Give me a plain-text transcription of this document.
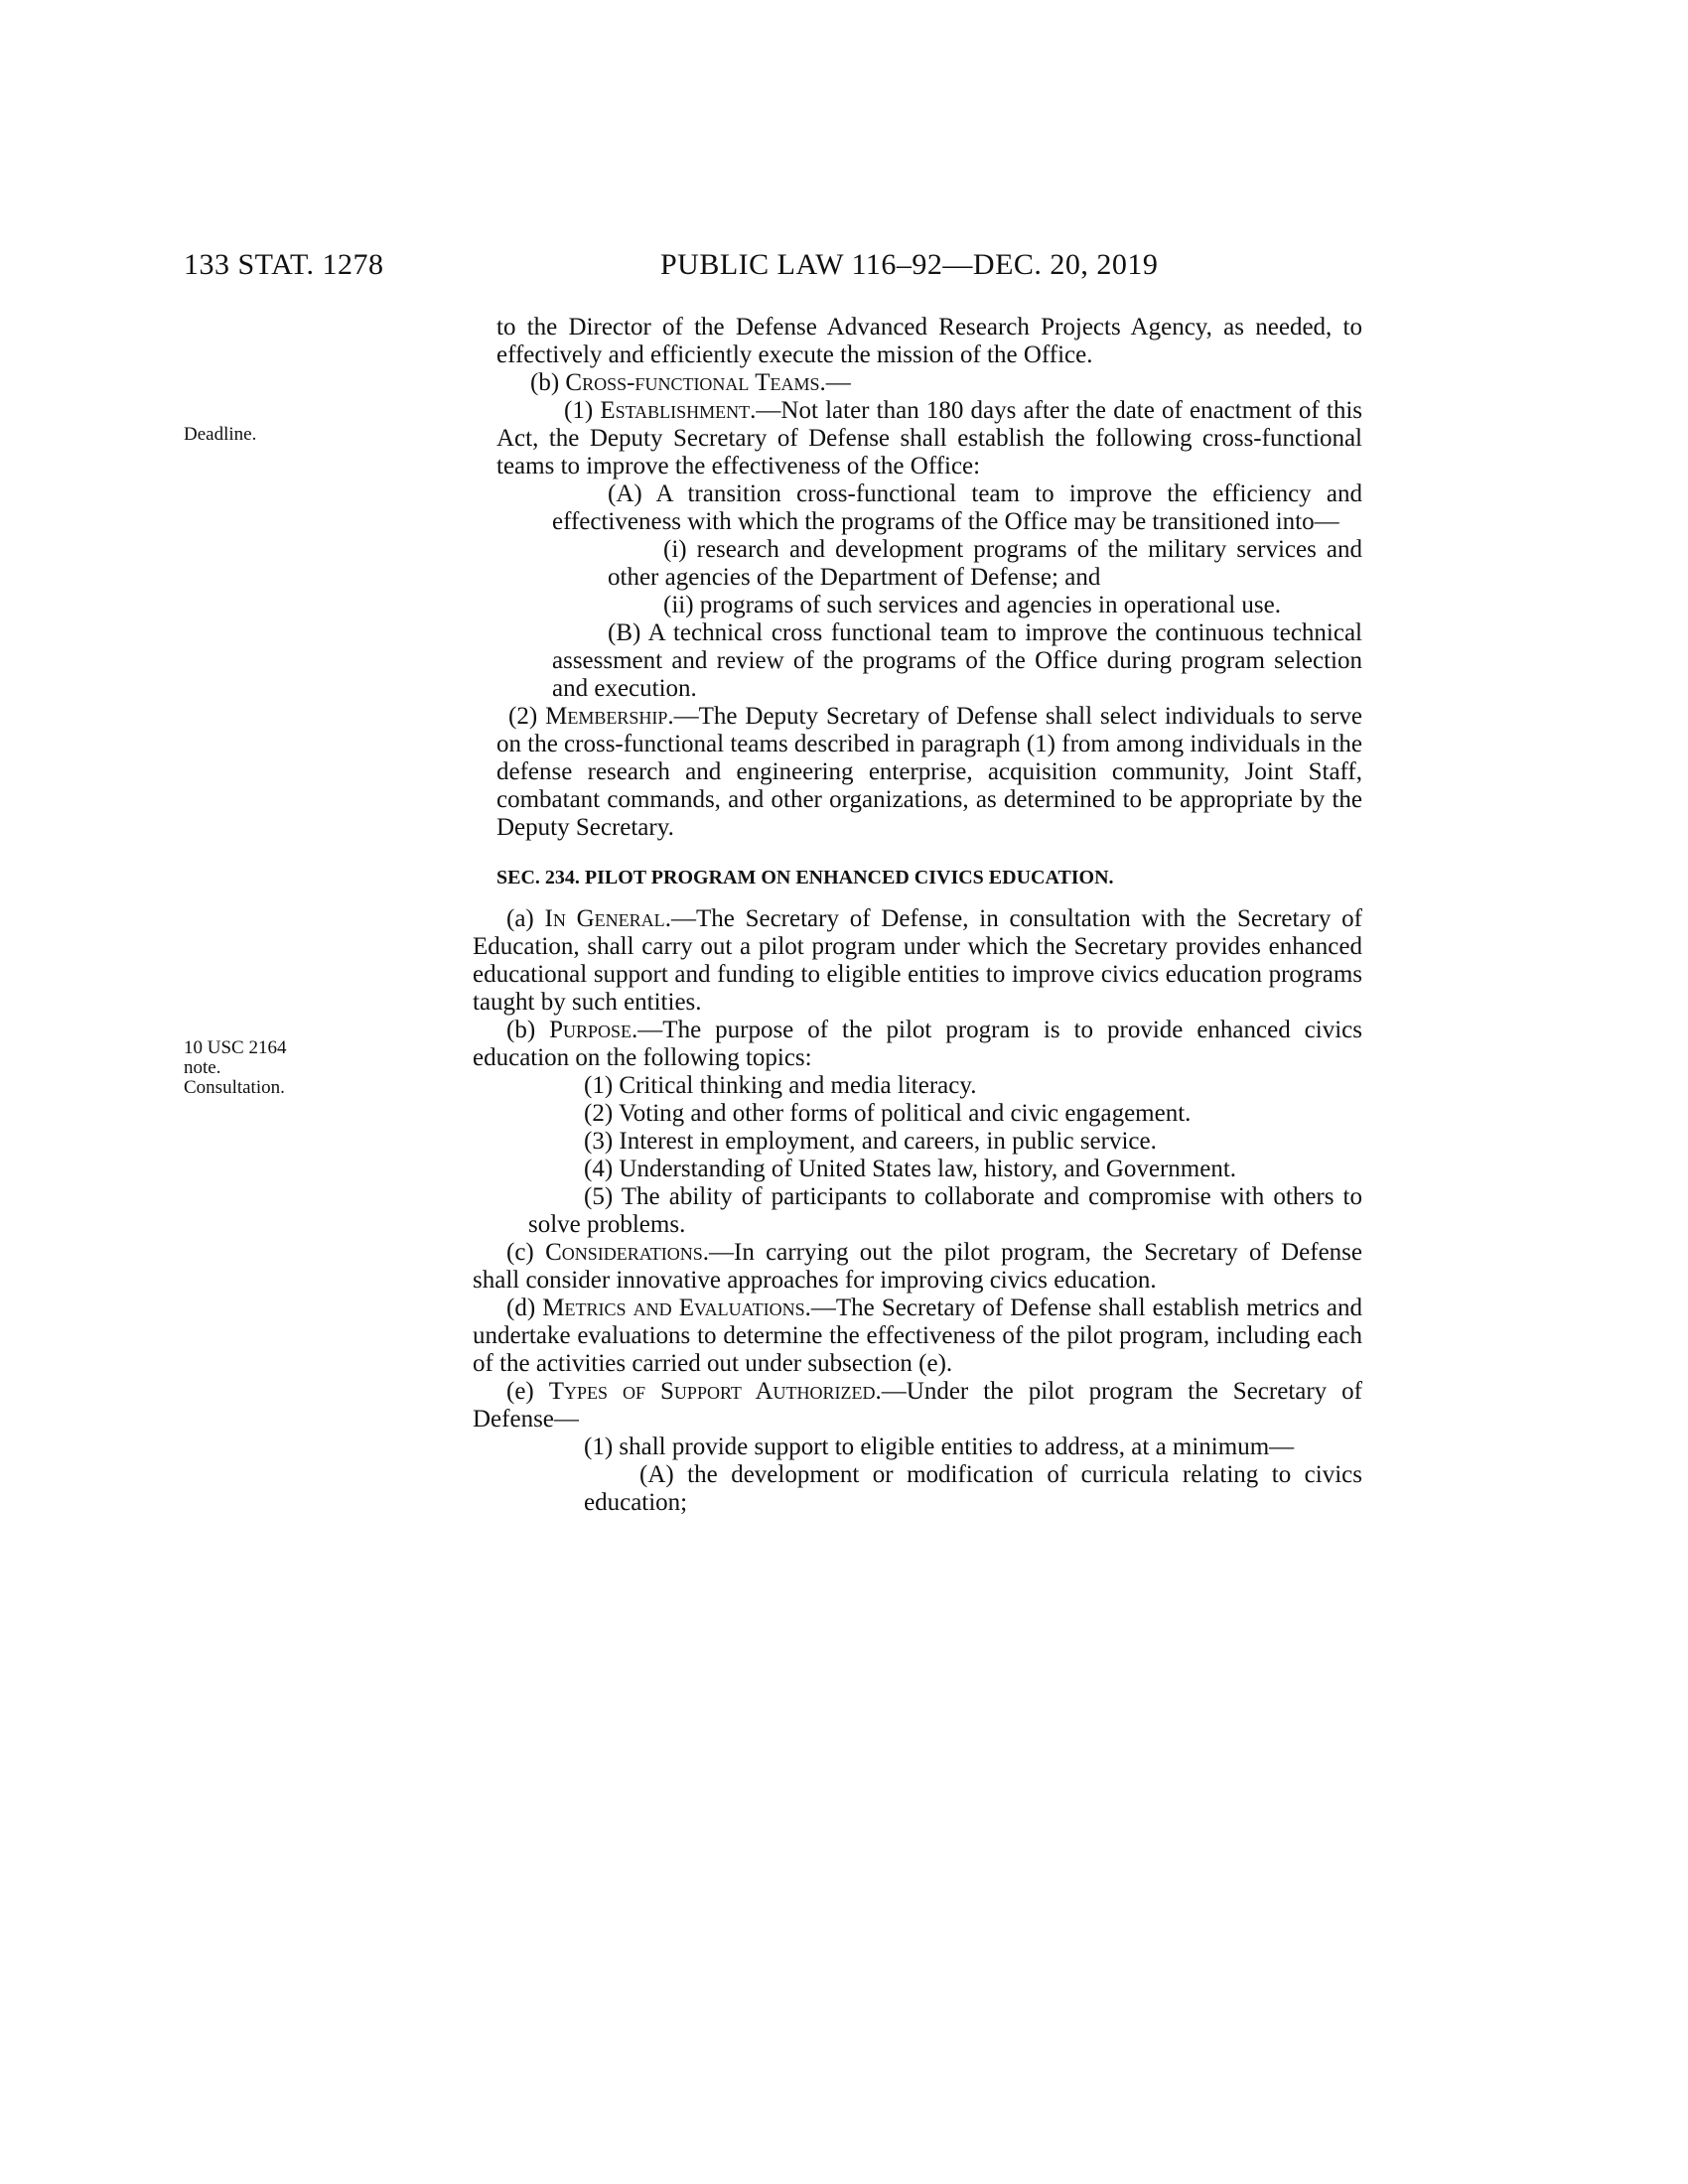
133 STAT. 1278	PUBLIC LAW 116–92—DEC. 20, 2019
Deadline.
10 USC 2164
note.
Consultation.

to the Director of the Defense Advanced Research Projects Agency, as needed, to effectively and efficiently execute the mission of the Office.

(b) Cross-functional Teams.—

(1) Establishment.—Not later than 180 days after the date of enactment of this Act, the Deputy Secretary of Defense shall establish the following cross-functional teams to improve the effectiveness of the Office:

(A) A transition cross-functional team to improve the efficiency and effectiveness with which the programs of the Office may be transitioned into—

(i) research and development programs of the military services and other agencies of the Department of Defense; and

(ii) programs of such services and agencies in operational use.

(B) A technical cross functional team to improve the continuous technical assessment and review of the programs of the Office during program selection and execution.

(2) Membership.—The Deputy Secretary of Defense shall select individuals to serve on the cross-functional teams described in paragraph (1) from among individuals in the defense research and engineering enterprise, acquisition community, Joint Staff, combatant commands, and other organizations, as determined to be appropriate by the Deputy Secretary.

SEC. 234. PILOT PROGRAM ON ENHANCED CIVICS EDUCATION.

(a) In General.—The Secretary of Defense, in consultation with the Secretary of Education, shall carry out a pilot program under which the Secretary provides enhanced educational support and funding to eligible entities to improve civics education programs taught by such entities.

(b) Purpose.—The purpose of the pilot program is to provide enhanced civics education on the following topics:

(1) Critical thinking and media literacy.

(2) Voting and other forms of political and civic engagement.

(3) Interest in employment, and careers, in public service.

(4) Understanding of United States law, history, and Government.

(5) The ability of participants to collaborate and compromise with others to solve problems.

(c) Considerations.—In carrying out the pilot program, the Secretary of Defense shall consider innovative approaches for improving civics education.

(d) Metrics and Evaluations.—The Secretary of Defense shall establish metrics and undertake evaluations to determine the effectiveness of the pilot program, including each of the activities carried out under subsection (e).

(e) Types of Support Authorized.—Under the pilot program the Secretary of Defense—

(1) shall provide support to eligible entities to address, at a minimum—

(A) the development or modification of curricula relating to civics education;
